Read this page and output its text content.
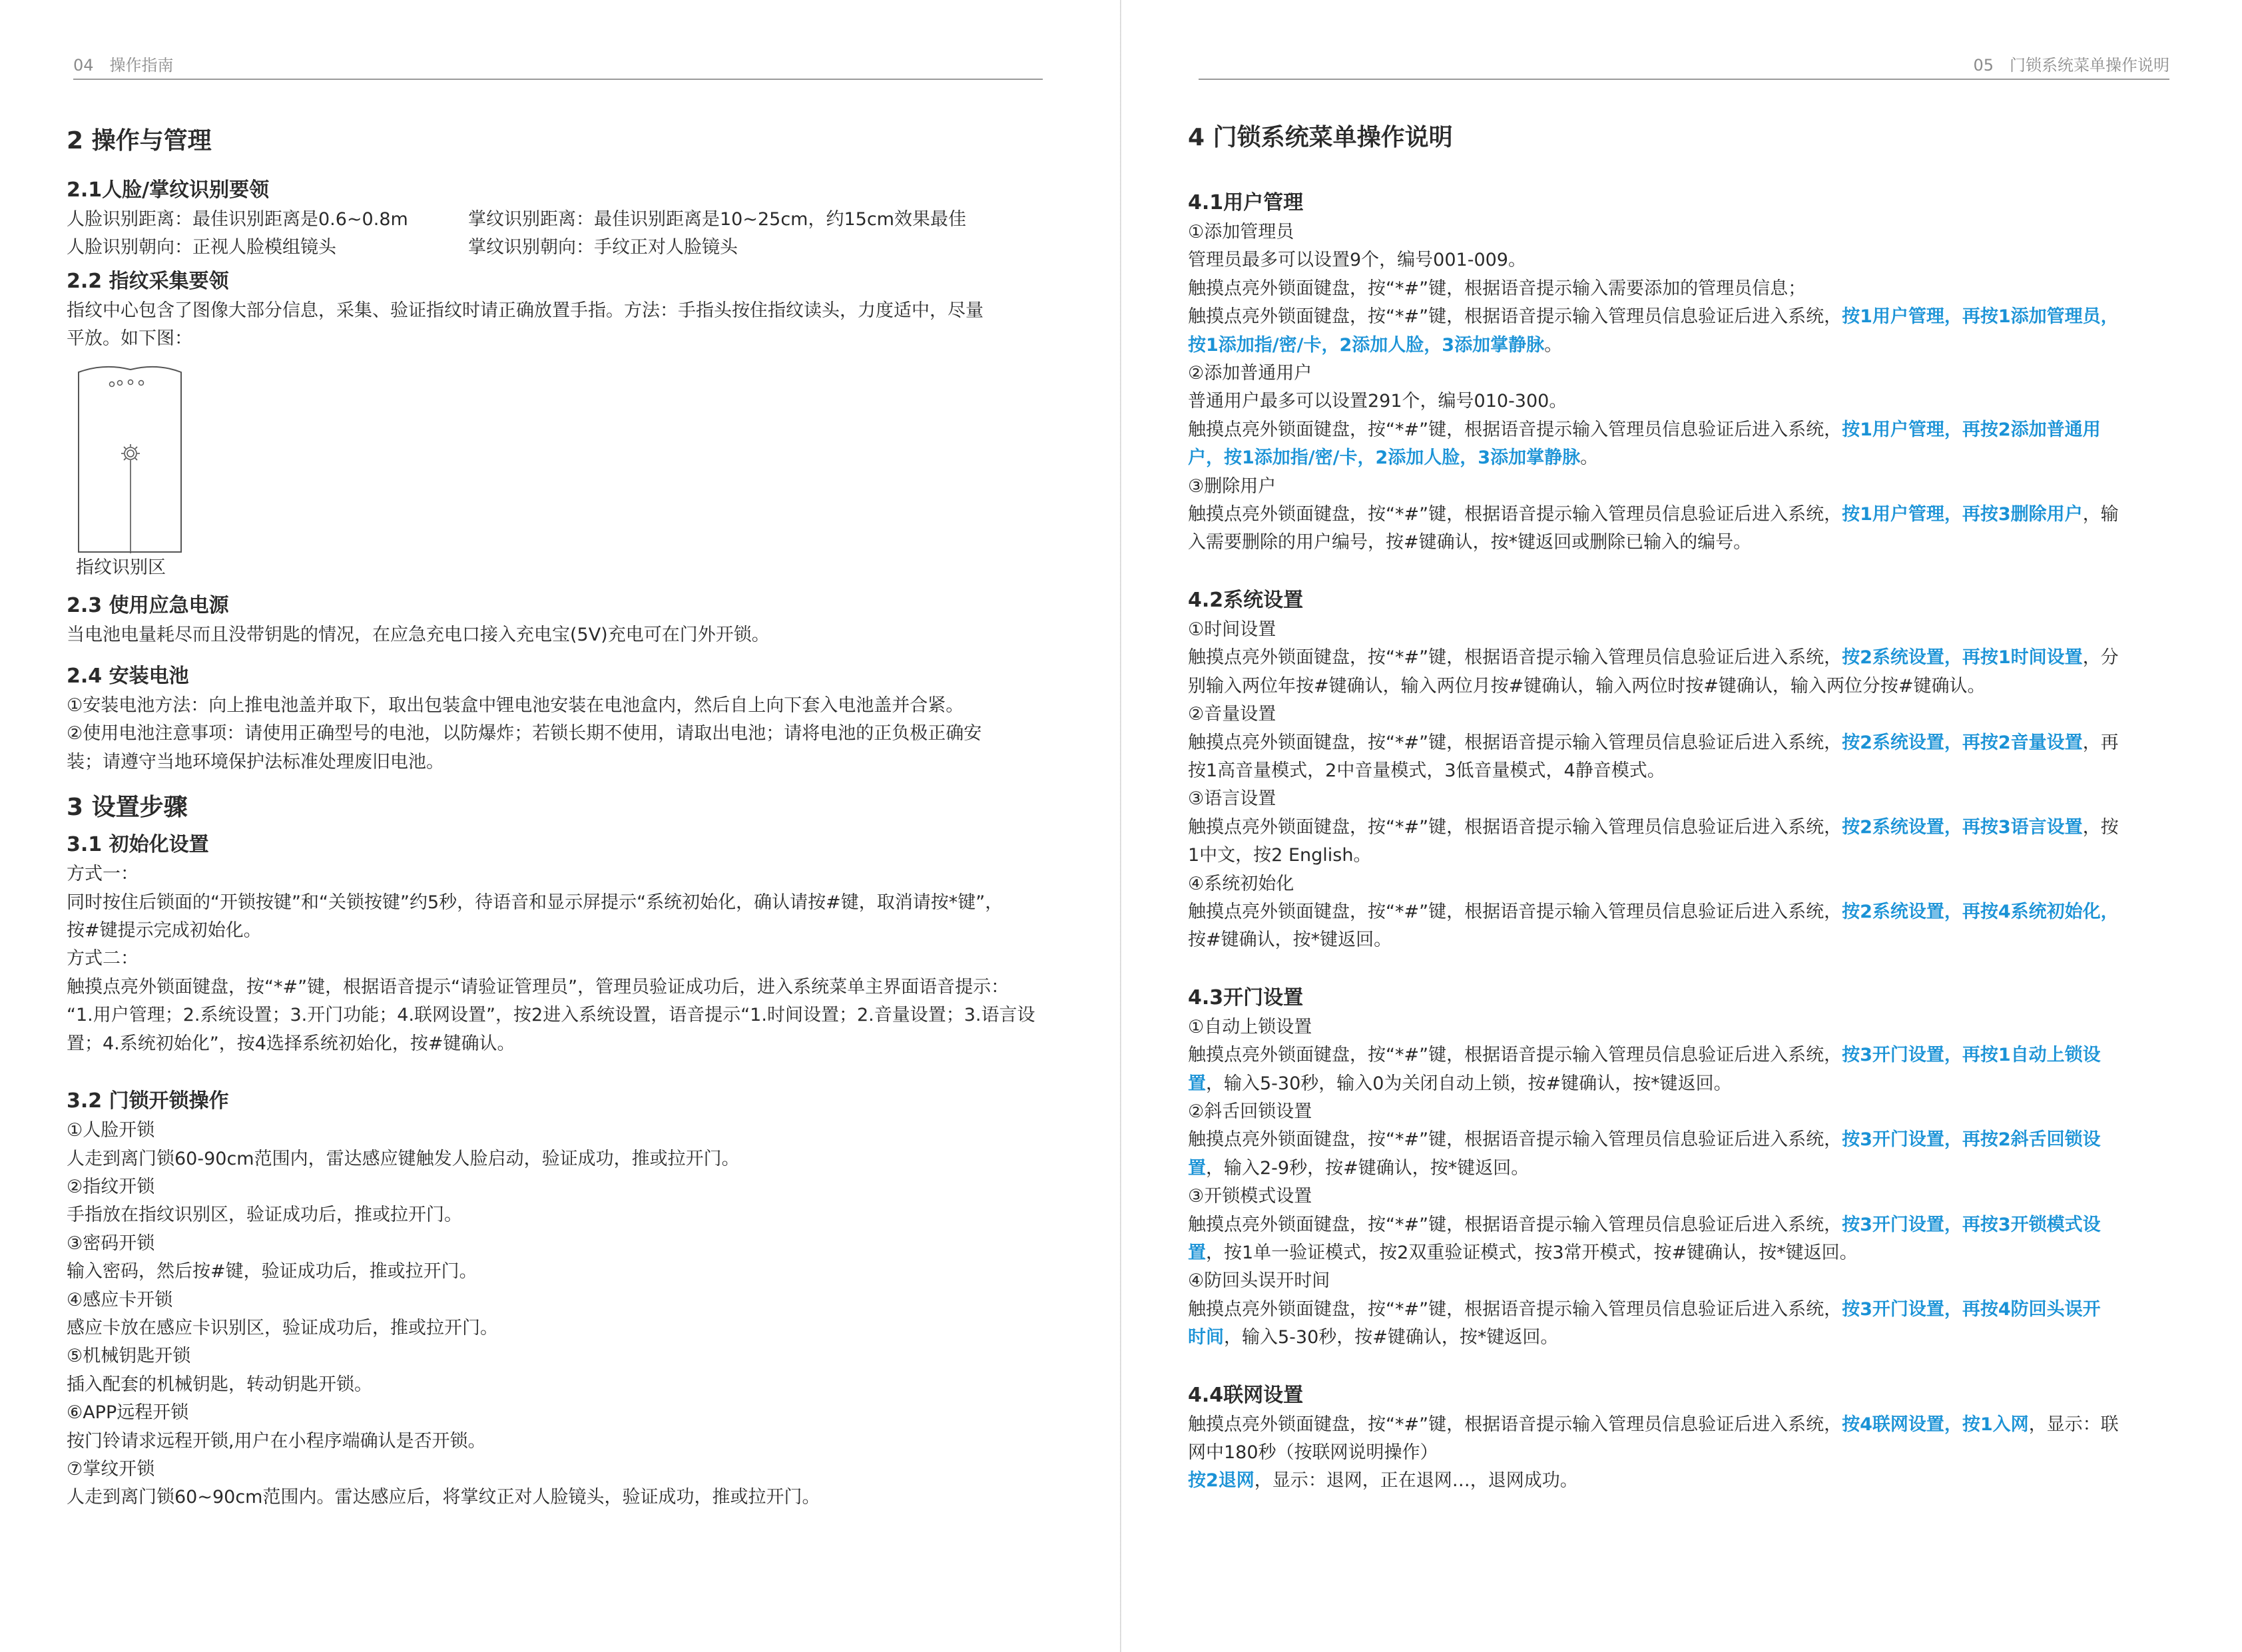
04 操作指南
2 操作与管理
2.1人脸/掌纹识别要领
人脸识别距离：最佳识别距离是0.6~0.8m	掌纹识别距离：最佳识别距离是10~25cm，约15cm效果最佳
人脸识别朝向：正视人脸模组镜头	掌纹识别朝向：手纹正对人脸镜头
2.2 指纹采集要领
指纹中心包含了图像大部分信息，采集、验证指纹时请正确放置手指。方法：手指头按住指纹读头，力度适中，尽量
平放。如下图：
指纹识别区
2.3 使用应急电源
当电池电量耗尽而且没带钥匙的情况，在应急充电口接入充电宝(5V)充电可在门外开锁。
2.4 安装电池
①安装电池方法：向上推电池盖并取下，取出包装盒中锂电池安装在电池盒内，然后自上向下套入电池盖并合紧。
②使用电池注意事项：请使用正确型号的电池，以防爆炸；若锁长期不使用，请取出电池；请将电池的正负极正确安
装；请遵守当地环境保护法标准处理废旧电池。
3 设置步骤
3.1 初始化设置
方式一：
同时按住后锁面的“开锁按键”和“关锁按键”约5秒，待语音和显示屏提示“系统初始化，确认请按#键，取消请按*键”，
按#键提示完成初始化。
方式二：
触摸点亮外锁面键盘，按“*#”键，根据语音提示“请验证管理员”，管理员验证成功后，进入系统菜单主界面语音提示：
“1.用户管理；2.系统设置；3.开门功能；4.联网设置”，按2进入系统设置，语音提示“1.时间设置；2.音量设置；3.语言设
置；4.系统初始化”，按4选择系统初始化，按#键确认。
3.2 门锁开锁操作
①人脸开锁
人走到离门锁60-90cm范围内，雷达感应键触发人脸启动，验证成功，推或拉开门。
②指纹开锁
手指放在指纹识别区，验证成功后，推或拉开门。
③密码开锁
输入密码，然后按#键，验证成功后，推或拉开门。
④感应卡开锁
感应卡放在感应卡识别区，验证成功后，推或拉开门。
⑤机械钥匙开锁
插入配套的机械钥匙，转动钥匙开锁。
⑥APP远程开锁
按门铃请求远程开锁,用户在小程序端确认是否开锁。
⑦掌纹开锁
人走到离门锁60~90cm范围内。雷达感应后，将掌纹正对人脸镜头，验证成功，推或拉开门。
05 门锁系统菜单操作说明
4 门锁系统菜单操作说明
4.1用户管理
①添加管理员
管理员最多可以设置9个，编号001-009。
触摸点亮外锁面键盘，按“*#”键，根据语音提示输入需要添加的管理员信息；
触摸点亮外锁面键盘，按“*#”键，根据语音提示输入管理员信息验证后进入系统，按1用户管理，再按1添加管理员，
按1添加指/密/卡，2添加人脸，3添加掌静脉。
②添加普通用户
普通用户最多可以设置291个，编号010-300。
触摸点亮外锁面键盘，按“*#”键，根据语音提示输入管理员信息验证后进入系统，按1用户管理，再按2添加普通用
户，按1添加指/密/卡，2添加人脸，3添加掌静脉。
③删除用户
触摸点亮外锁面键盘，按“*#”键，根据语音提示输入管理员信息验证后进入系统，按1用户管理，再按3删除用户，输
入需要删除的用户编号，按#键确认，按*键返回或删除已输入的编号。
4.2系统设置
①时间设置
触摸点亮外锁面键盘，按“*#”键，根据语音提示输入管理员信息验证后进入系统，按2系统设置，再按1时间设置，分
别输入两位年按#键确认，输入两位月按#键确认，输入两位时按#键确认，输入两位分按#键确认。
②音量设置
触摸点亮外锁面键盘，按“*#”键，根据语音提示输入管理员信息验证后进入系统，按2系统设置，再按2音量设置，再
按1高音量模式，2中音量模式，3低音量模式，4静音模式。
③语言设置
触摸点亮外锁面键盘，按“*#”键，根据语音提示输入管理员信息验证后进入系统，按2系统设置，再按3语言设置，按
1中文，按2 English。
④系统初始化
触摸点亮外锁面键盘，按“*#”键，根据语音提示输入管理员信息验证后进入系统，按2系统设置，再按4系统初始化，
按#键确认，按*键返回。
4.3开门设置
①自动上锁设置
触摸点亮外锁面键盘，按“*#”键，根据语音提示输入管理员信息验证后进入系统，按3开门设置，再按1自动上锁设
置，输入5-30秒，输入0为关闭自动上锁，按#键确认，按*键返回。
②斜舌回锁设置
触摸点亮外锁面键盘，按“*#”键，根据语音提示输入管理员信息验证后进入系统，按3开门设置，再按2斜舌回锁设
置，输入2-9秒，按#键确认，按*键返回。
③开锁模式设置
触摸点亮外锁面键盘，按“*#”键，根据语音提示输入管理员信息验证后进入系统，按3开门设置，再按3开锁模式设
置，按1单一验证模式，按2双重验证模式，按3常开模式，按#键确认，按*键返回。
④防回头误开时间
触摸点亮外锁面键盘，按“*#”键，根据语音提示输入管理员信息验证后进入系统，按3开门设置，再按4防回头误开
时间，输入5-30秒，按#键确认，按*键返回。
4.4联网设置
触摸点亮外锁面键盘，按“*#”键，根据语音提示输入管理员信息验证后进入系统，按4联网设置，按1入网，显示：联
网中180秒（按联网说明操作）
按2退网，显示：退网，正在退网…，退网成功。
